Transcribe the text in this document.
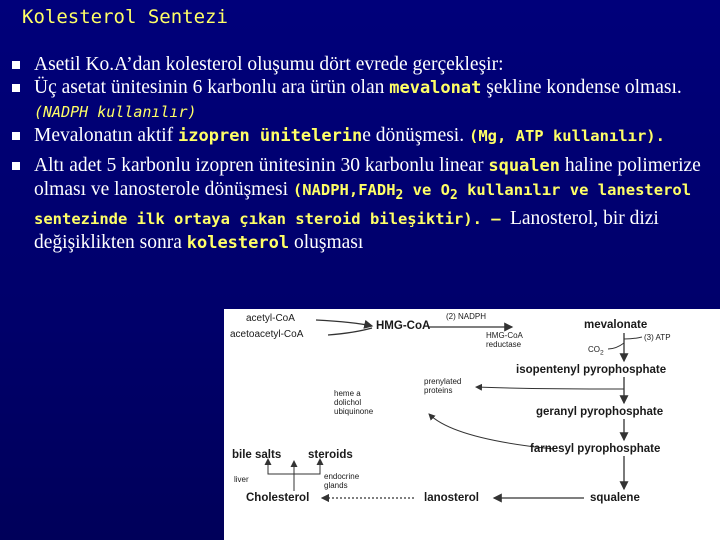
Kolesterol Sentezi
Asetil Ko.A’dan kolesterol oluşumu dört evrede gerçekleşir:
Üç asetat ünitesinin 6 karbonlu ara ürün olan mevalonat şekline kondense olması. (NADPH kullanılır)
Mevalonatın aktif izopren ünitelerine dönüşmesi. (Mg, ATP kullanılır).
Altı adet 5 karbonlu izopren ünitesinin 30 karbonlu linear squalen haline polimerize olması ve lanosterole dönüşmesi ($NADPH,FADH_2$ ve $O_2$ kullanılır ve lanesterol sentezinde ilk ortaya çıkan steroid bileşiktir). – Lanosterol, bir dizi değişiklikten sonra kolesterol oluşması
acetyl-CoA
acetoacetyl-CoA
HMG-CoA
(2) NADPH
HMG-CoA
reductase
mevalonate
$CO_2$
(3) ATP
isopentenyl pyrophosphate
prenylated
proteins
heme a
dolichol
ubiquinone	geranyl pyrophosphate
farnesyl pyrophosphate
bile salts steroids
liver	endocrine
glands
Cholesterol	lanosterol	squalene
